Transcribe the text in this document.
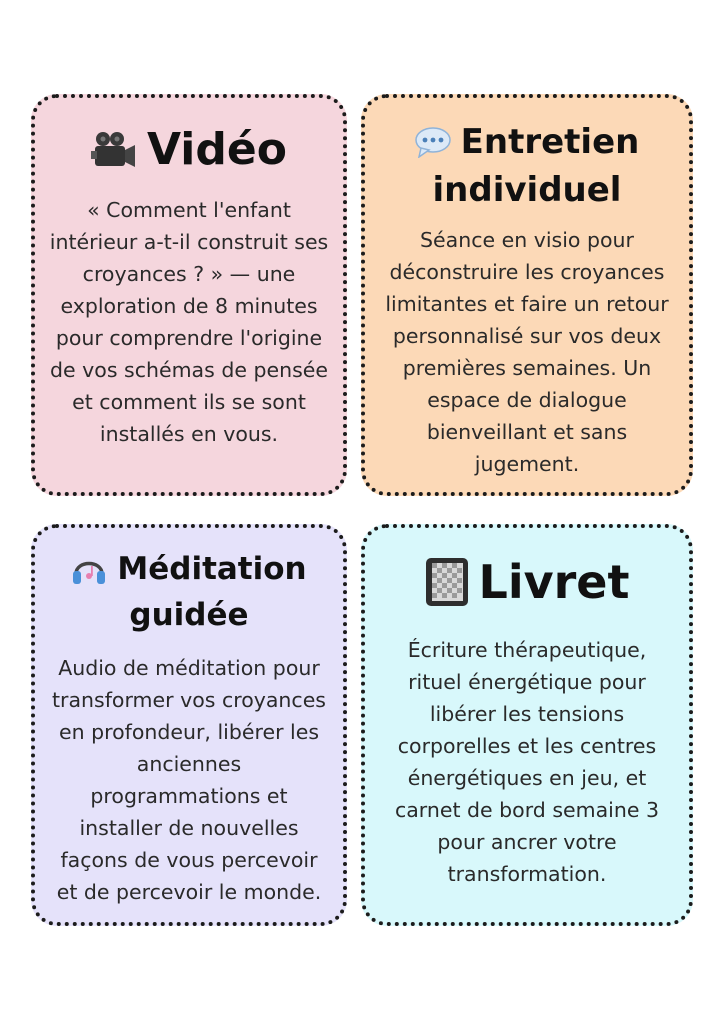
Vidéo

« Comment l'enfant intérieur a-t-il construit ses croyances ? » — une exploration de 8 minutes pour comprendre l'origine de vos schémas de pensée et comment ils se sont installés en vous.

Entretien
individuel

Séance en visio pour déconstruire les croyances limitantes et faire un retour personnalisé sur vos deux premières semaines. Un espace de dialogue bienveillant et sans jugement.

Méditation
guidée

Audio de méditation pour transformer vos croyances en profondeur, libérer les anciennes programmations et installer de nouvelles façons de vous percevoir et de percevoir le monde.

Livret

Écriture thérapeutique, rituel énergétique pour libérer les tensions corporelles et les centres énergétiques en jeu, et carnet de bord semaine 3 pour ancrer votre transformation.
